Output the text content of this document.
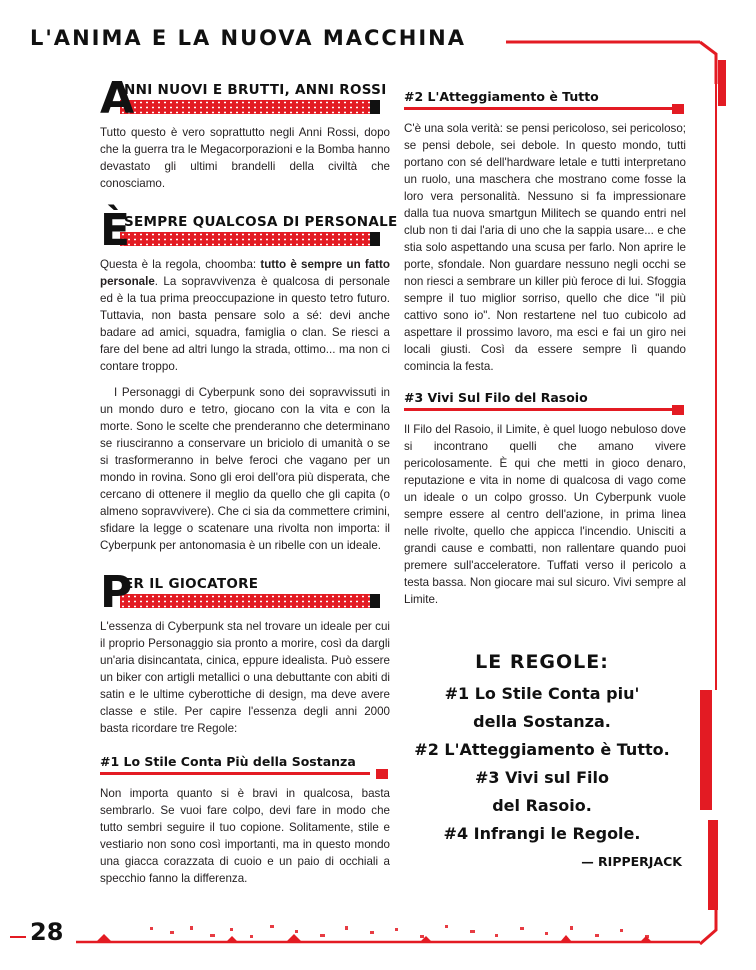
L'ANIMA E LA NUOVA MACCHINA
A
NNI NUOVI E BRUTTI, ANNI ROSSI

Tutto questo è vero soprattutto negli Anni Rossi, dopo che la guerra tra le Megacorporazioni e la Bomba hanno devastato gli ultimi brandelli della civiltà che conosciamo.

È
SEMPRE QUALCOSA DI PERSONALE

Questa è la regola, choomba: tutto è sempre un fatto personale. La sopravvivenza è qualcosa di personale ed è la tua prima preoccupazione in questo tetro futuro. Tuttavia, non basta pensare solo a sé: devi anche badare ad amici, squadra, famiglia o clan. Se riesci a fare del bene ad altri lungo la strada, ottimo... ma non ci contare troppo.

I Personaggi di Cyberpunk sono dei sopravvissuti in un mondo duro e tetro, giocano con la vita e con la morte. Sono le scelte che prenderanno che determinano se riusciranno a conservare un briciolo di umanità o se si trasformeranno in belve feroci che vagano per un mondo in rovina. Sono gli eroi dell'ora più disperata, che cercano di ottenere il meglio da quello che gli capita (o almeno sopravvivere). Che ci sia da commettere crimini, sfidare la legge o scatenare una rivolta non importa: il Cyberpunk per antonomasia è un ribelle con un ideale.

P
ER IL GIOCATORE

L'essenza di Cyberpunk sta nel trovare un ideale per cui il proprio Personaggio sia pronto a morire, così da dargli un'aria disincantata, cinica, eppure idealista. Può essere un biker con artigli metallici o una debuttante con abiti di satin e le ultime cyberottiche di design, ma deve avere classe e stile. Per capire l'essenza degli anni 2000 basta ricordare tre Regole:

#1 Lo Stile Conta Più della Sostanza

Non importa quanto si è bravi in qualcosa, basta sembrarlo. Se vuoi fare colpo, devi fare in modo che tutto sembri seguire il tuo copione. Solitamente, stile e vestiario non sono così importanti, ma in questo mondo una giacca corazzata di cuoio e un paio di occhiali a specchio fanno la differenza.

#2 L'Atteggiamento è Tutto

C'è una sola verità: se pensi pericoloso, sei pericoloso; se pensi debole, sei debole. In questo mondo, tutti portano con sé dell'hardware letale e tutti interpretano un ruolo, una maschera che mostrano come fosse la loro vera personalità. Nessuno si fa impressionare dalla tua nuova smartgun Militech se quando entri nel club non ti dai l'aria di uno che la sappia usare... e che stia solo aspettando una scusa per farlo. Non aprire le porte, sfondale. Non guardare nessuno negli occhi se non riesci a sembrare un killer più feroce di lui. Sfoggia sempre il tuo miglior sorriso, quello che dice "il più cattivo sono io". Non restartene nel tuo cubicolo ad aspettare il prossimo lavoro, ma esci e fai un giro nei locali giusti. Così da essere sempre lì quando comincia la festa.

#3 Vivi Sul Filo del Rasoio

Il Filo del Rasoio, il Limite, è quel luogo nebuloso dove si incontrano quelli che amano vivere pericolosamente. È qui che metti in gioco denaro, reputazione e vita in nome di qualcosa di vago come un ideale o un colpo grosso. Un Cyberpunk vuole sempre essere al centro dell'azione, in prima linea nelle rivolte, quello che appicca l'incendio. Unisciti a grandi cause e combatti, non rallentare quando puoi premere sull'acceleratore. Tuffati verso il pericolo a testa bassa. Non giocare mai sul sicuro. Vivi sempre al Limite.

LE REGOLE:
#1 Lo Stile Conta piu'
della Sostanza.
#2 L'Atteggiamento è Tutto.
#3 Vivi sul Filo
del Rasoio.
#4 Infrangi le Regole.
— RIPPERJACK
28
